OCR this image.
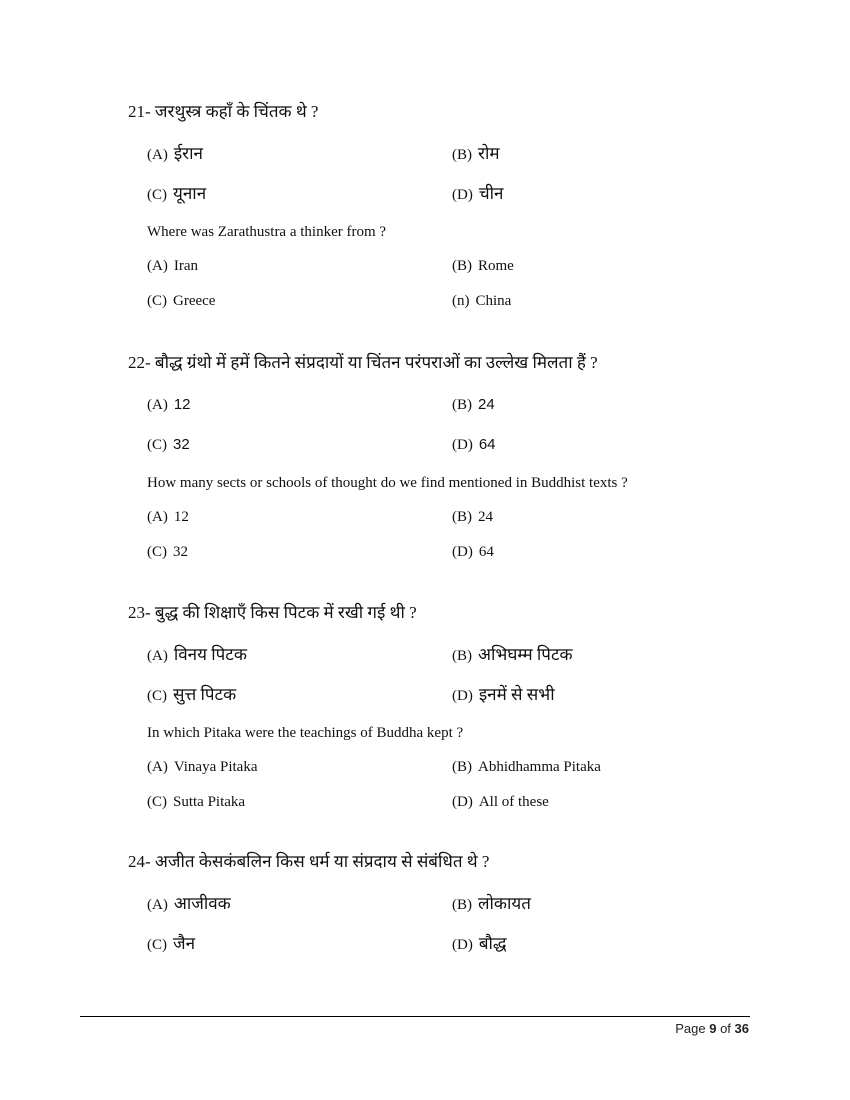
21- जरथुस्त्र कहाँ के चिंतक थे ?
(A) ईरान	(B) रोम
(C) यूनान	(D) चीन
Where was Zarathustra a thinker from ?
(A) Iran	(B) Rome
(C) Greece	(n) China
22- बौद्ध ग्रंथो में हमें कितने संप्रदायों या चिंतन परंपराओं का उल्लेख मिलता हैं ?
(A) 12	(B) 24
(C) 32	(D) 64
How many sects or schools of thought do we find mentioned in Buddhist texts ?
(A) 12	(B) 24
(C) 32	(D) 64
23- बुद्ध की शिक्षाएँ किस पिटक में रखी गई थी ?
(A) विनय पिटक	(B) अभिघम्म पिटक
(C) सुत्त पिटक	(D) इनमें से सभी
In which Pitaka were the teachings of Buddha kept ?
(A) Vinaya Pitaka	(B) Abhidhamma Pitaka
(C) Sutta Pitaka	(D) All of these
24- अजीत केसकंबलिन किस धर्म या संप्रदाय से संबंधित थे ?
(A) आजीवक	(B) लोकायत
(C) जैन	(D) बौद्ध
Page 9 of 36
